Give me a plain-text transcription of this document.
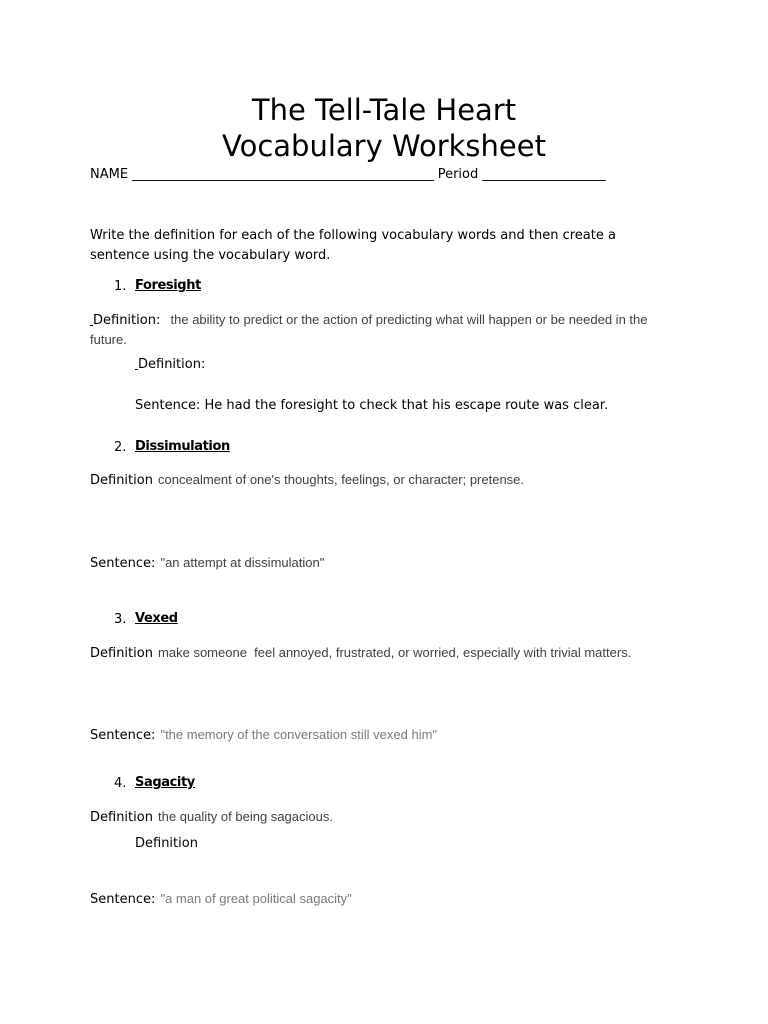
The Tell-Tale Heart
Vocabulary Worksheet
NAME _________________________________________________ Period ____________________
Write the definition for each of the following vocabulary words and then create a sentence using the vocabulary word.
1. Foresight
Definition: the ability to predict or the action of predicting what will happen or be needed in the future.
Definition:
Sentence: He had the foresight to check that his escape route was clear.
2. Dissimulation
Definition concealment of one's thoughts, feelings, or character; pretense.
Sentence: "an attempt at dissimulation"
3. Vexed
Definition make someone  feel annoyed, frustrated, or worried, especially with trivial matters.
Sentence: "the memory of the conversation still vexed him"
4. Sagacity
Definition the quality of being sagacious.
Definition
Sentence: "a man of great political sagacity"
